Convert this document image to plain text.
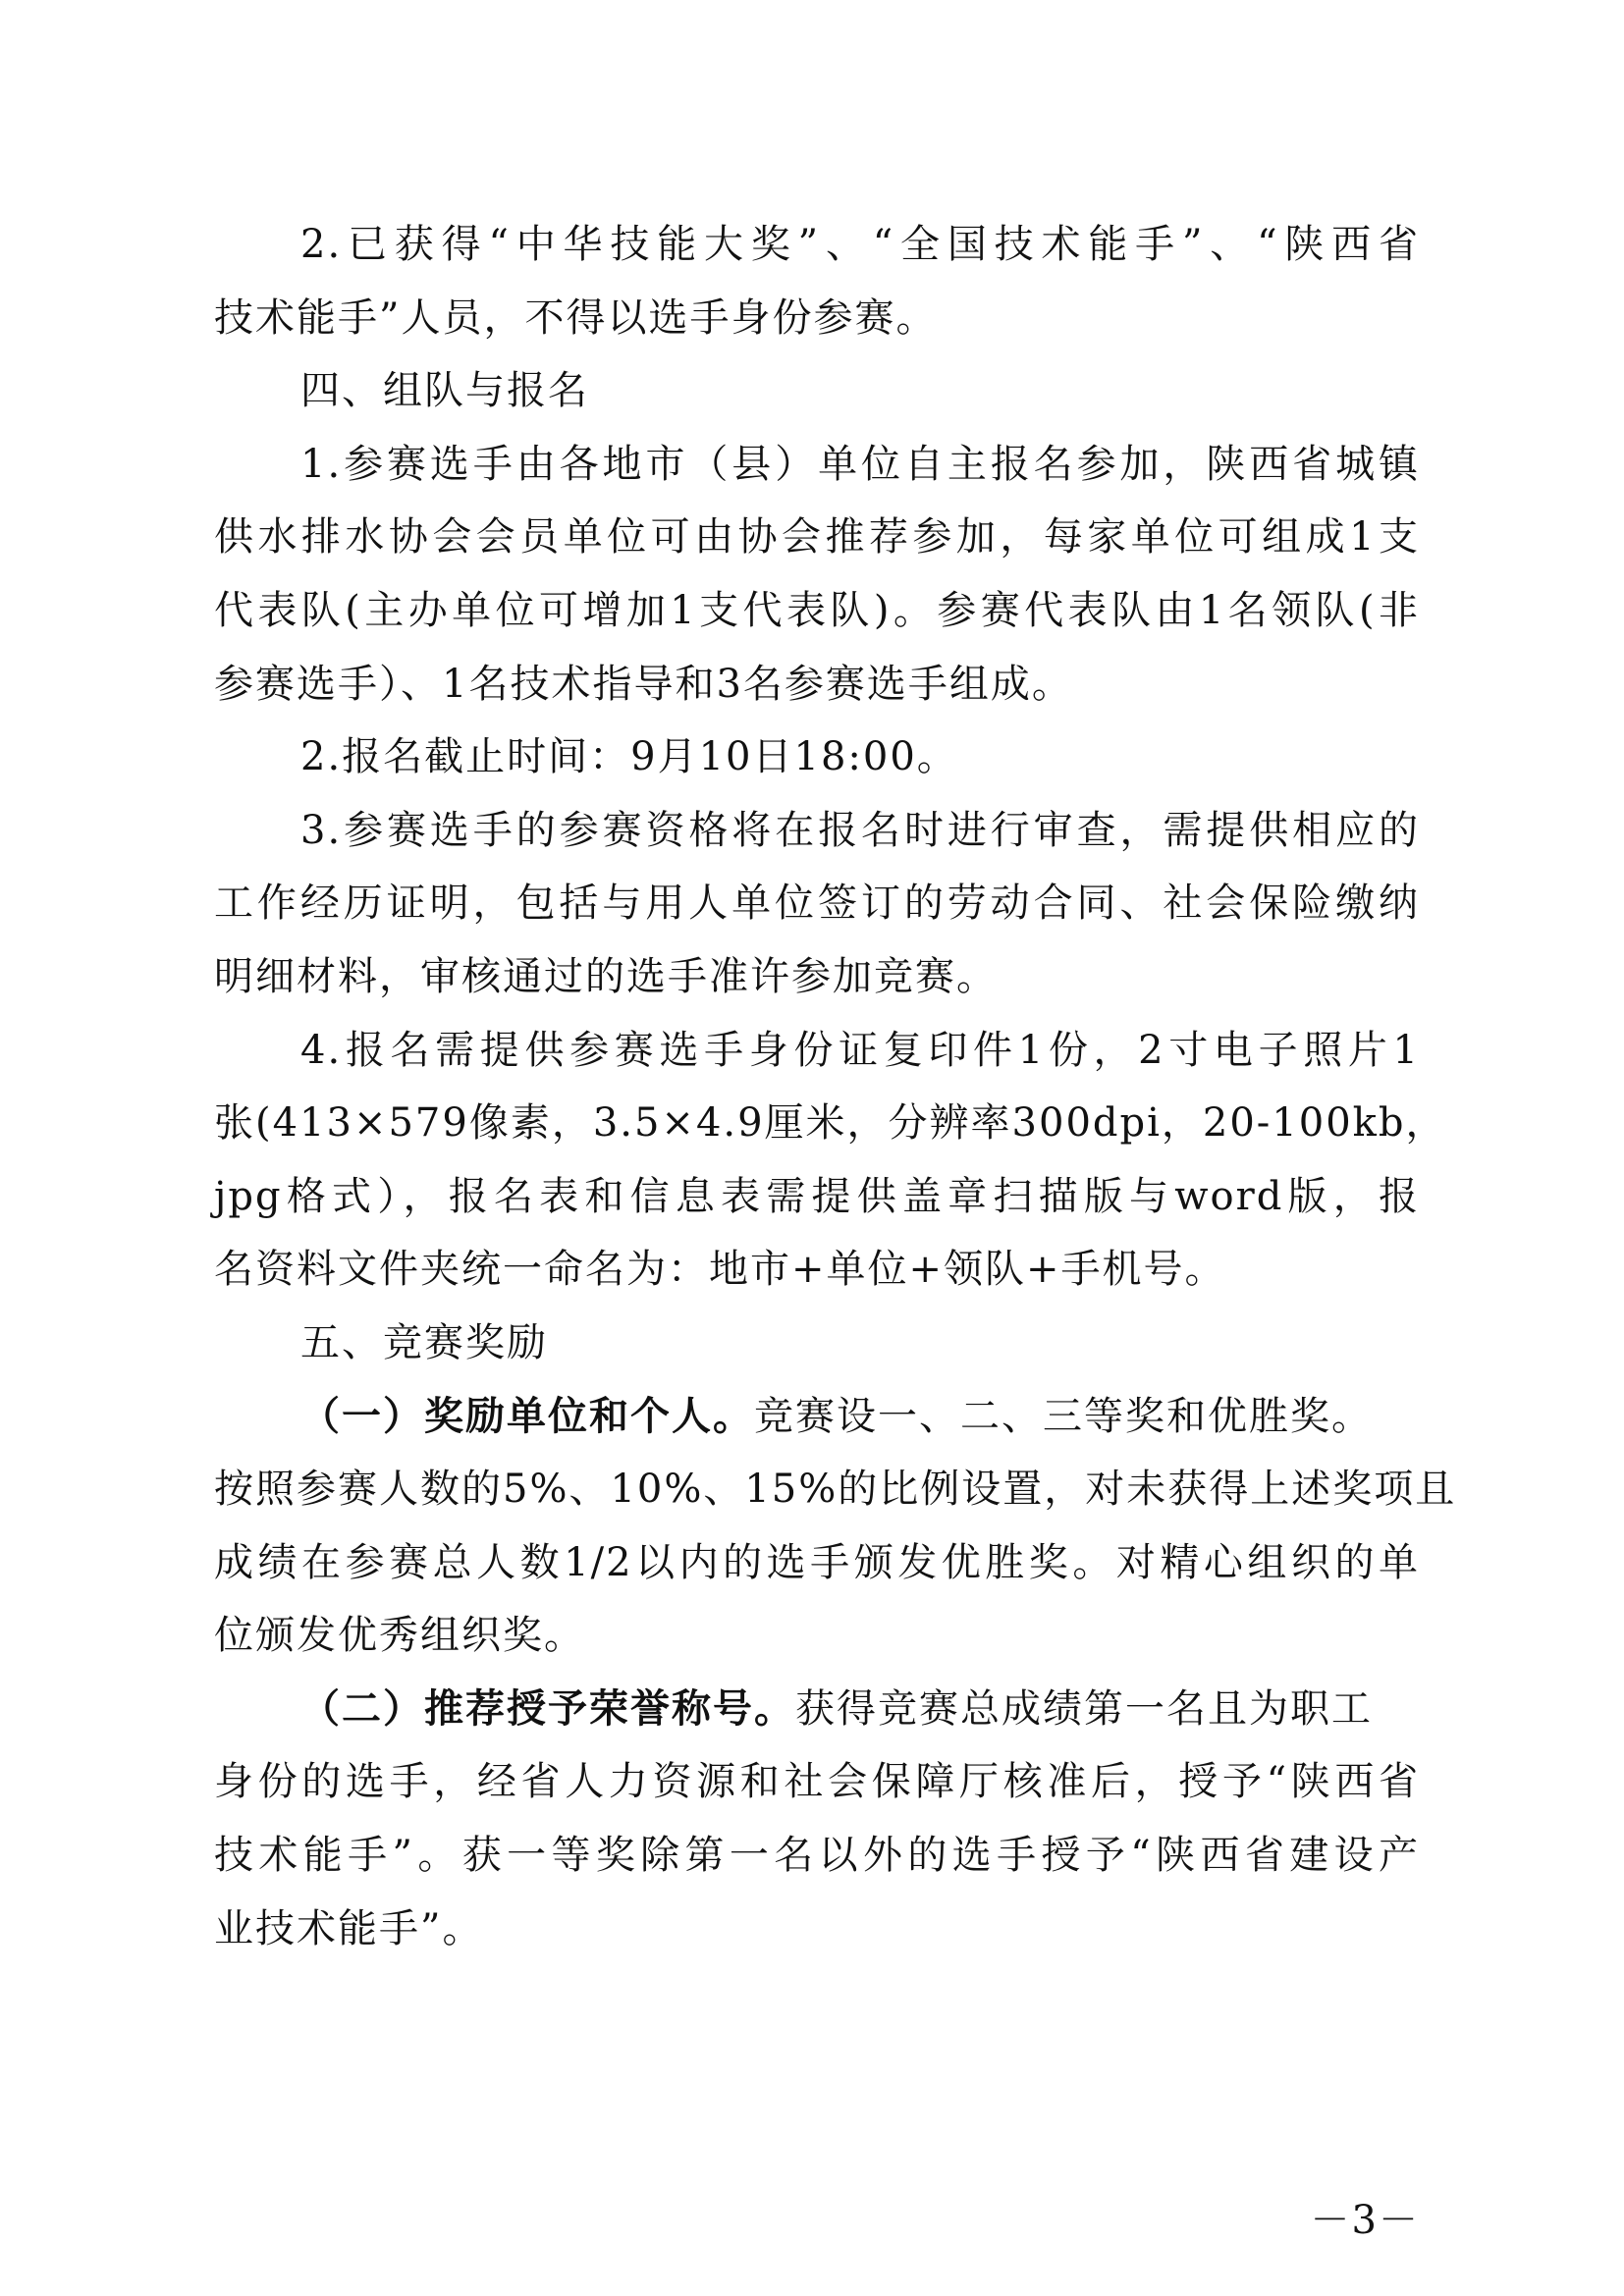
2.已获得“中华技能大奖”、“全国技术能手”、“陕西省
技术能手”人员，不得以选手身份参赛。
四、组队与报名
1.参赛选手由各地市（县）单位自主报名参加，陕西省城镇
供水排水协会会员单位可由协会推荐参加，每家单位可组成1支
代表队(主办单位可增加1支代表队)。参赛代表队由1名领队(非
参赛选手）、1名技术指导和3名参赛选手组成。
2.报名截止时间：9月10日18:00。
3.参赛选手的参赛资格将在报名时进行审查，需提供相应的
工作经历证明，包括与用人单位签订的劳动合同、社会保险缴纳
明细材料，审核通过的选手准许参加竞赛。
4.报名需提供参赛选手身份证复印件1份，2寸电子照片1
张(413×579像素，3.5×4.9厘米，分辨率300dpi，20-100kb，
jpg格式），报名表和信息表需提供盖章扫描版与word版，报
名资料文件夹统一命名为：地市+单位+领队+手机号。
五、竞赛奖励
（一）奖励单位和个人。竞赛设一、二、三等奖和优胜奖。
按照参赛人数的5%、10%、15%的比例设置，对未获得上述奖项且
成绩在参赛总人数1/2以内的选手颁发优胜奖。对精心组织的单
位颁发优秀组织奖。
（二）推荐授予荣誉称号。获得竞赛总成绩第一名且为职工
身份的选手，经省人力资源和社会保障厅核准后，授予“陕西省
技术能手”。获一等奖除第一名以外的选手授予“陕西省建设产
业技术能手”。
－3－
